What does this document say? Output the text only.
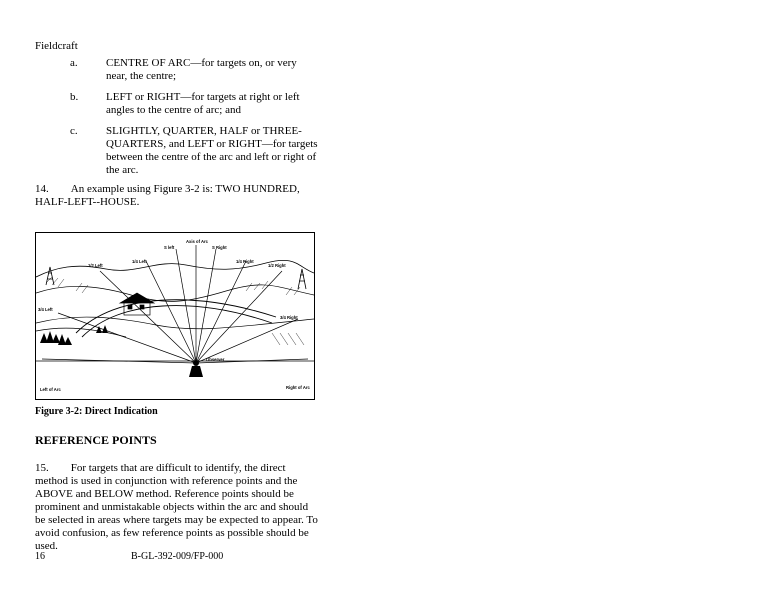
Fieldcraft
a.	CENTRE OF ARC—for targets on, or very near, the centre;
b.	LEFT or RIGHT—for targets at right or left angles to the centre of arc; and
c.	SLIGHTLY, QUARTER, HALF or THREE-QUARTERS, and LEFT or RIGHT—for targets between the centre of the arc and left or right of the arc.
14. An example using Figure 3-2 is: TWO HUNDRED, HALF-LEFT--HOUSE.
Axis of Arc
S left	S Right
1/4 Left	1/4 Right
1/2 Left	1/2 Right
3/4 Left
3/4 Right
Left of Arc	Right of Arc
Observer
Figure 3-2: Direct Indication
REFERENCE POINTS
15. For targets that are difficult to identify, the direct method is used in conjunction with reference points and the ABOVE and BELOW method. Reference points should be prominent and unmistakable objects within the arc and should be selected in areas where targets may be expected to appear. To avoid confusion, as few reference points as possible should be used.
16	B-GL-392-009/FP-000
